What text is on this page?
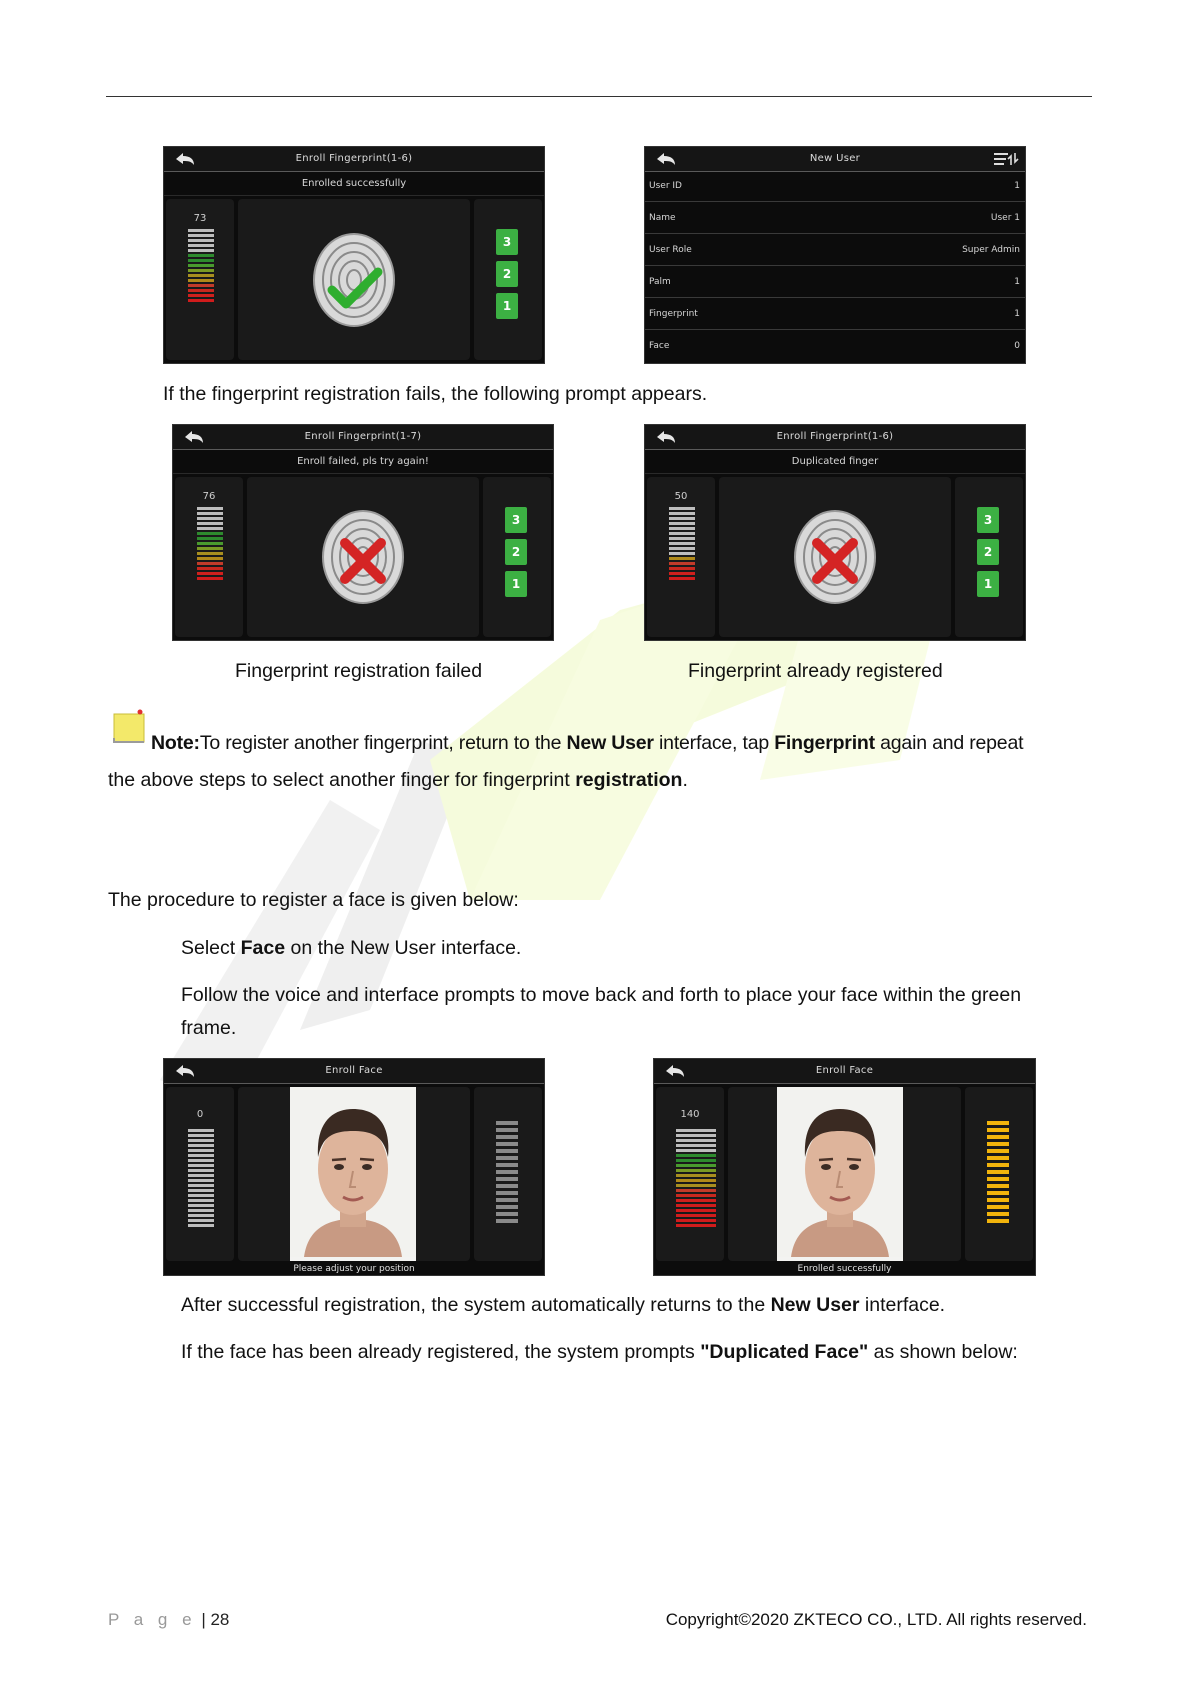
Enroll Fingerprint(1-6)
Enrolled successfully
73
3
2
1
New User
User ID	1
Name	User 1
User Role	Super Admin
Palm	1
Fingerprint	1
Face	0
If the fingerprint registration fails, the following prompt appears.
Enroll Fingerprint(1-7)
Enroll failed, pls try again!
76
3
2
1
Enroll Fingerprint(1-6)
Duplicated finger
50
3
2
1
Fingerprint registration failed	Fingerprint already registered
Note:To register another fingerprint, return to the New User interface, tap Fingerprint again and repeat
the above steps to select another finger for fingerprint registration.
The procedure to register a face is given below:
Select Face on the New User interface.
Follow the voice and interface prompts to move back and forth to place your face within the green
frame.
Enroll Face
0
Please adjust your position
Enroll Face
140
Enrolled successfully
After successful registration, the system automatically returns to the New User interface.
If the face has been already registered, the system prompts "Duplicated Face" as shown below:
P a g e | 28	Copyright©2020 ZKTECO CO., LTD. All rights reserved.
